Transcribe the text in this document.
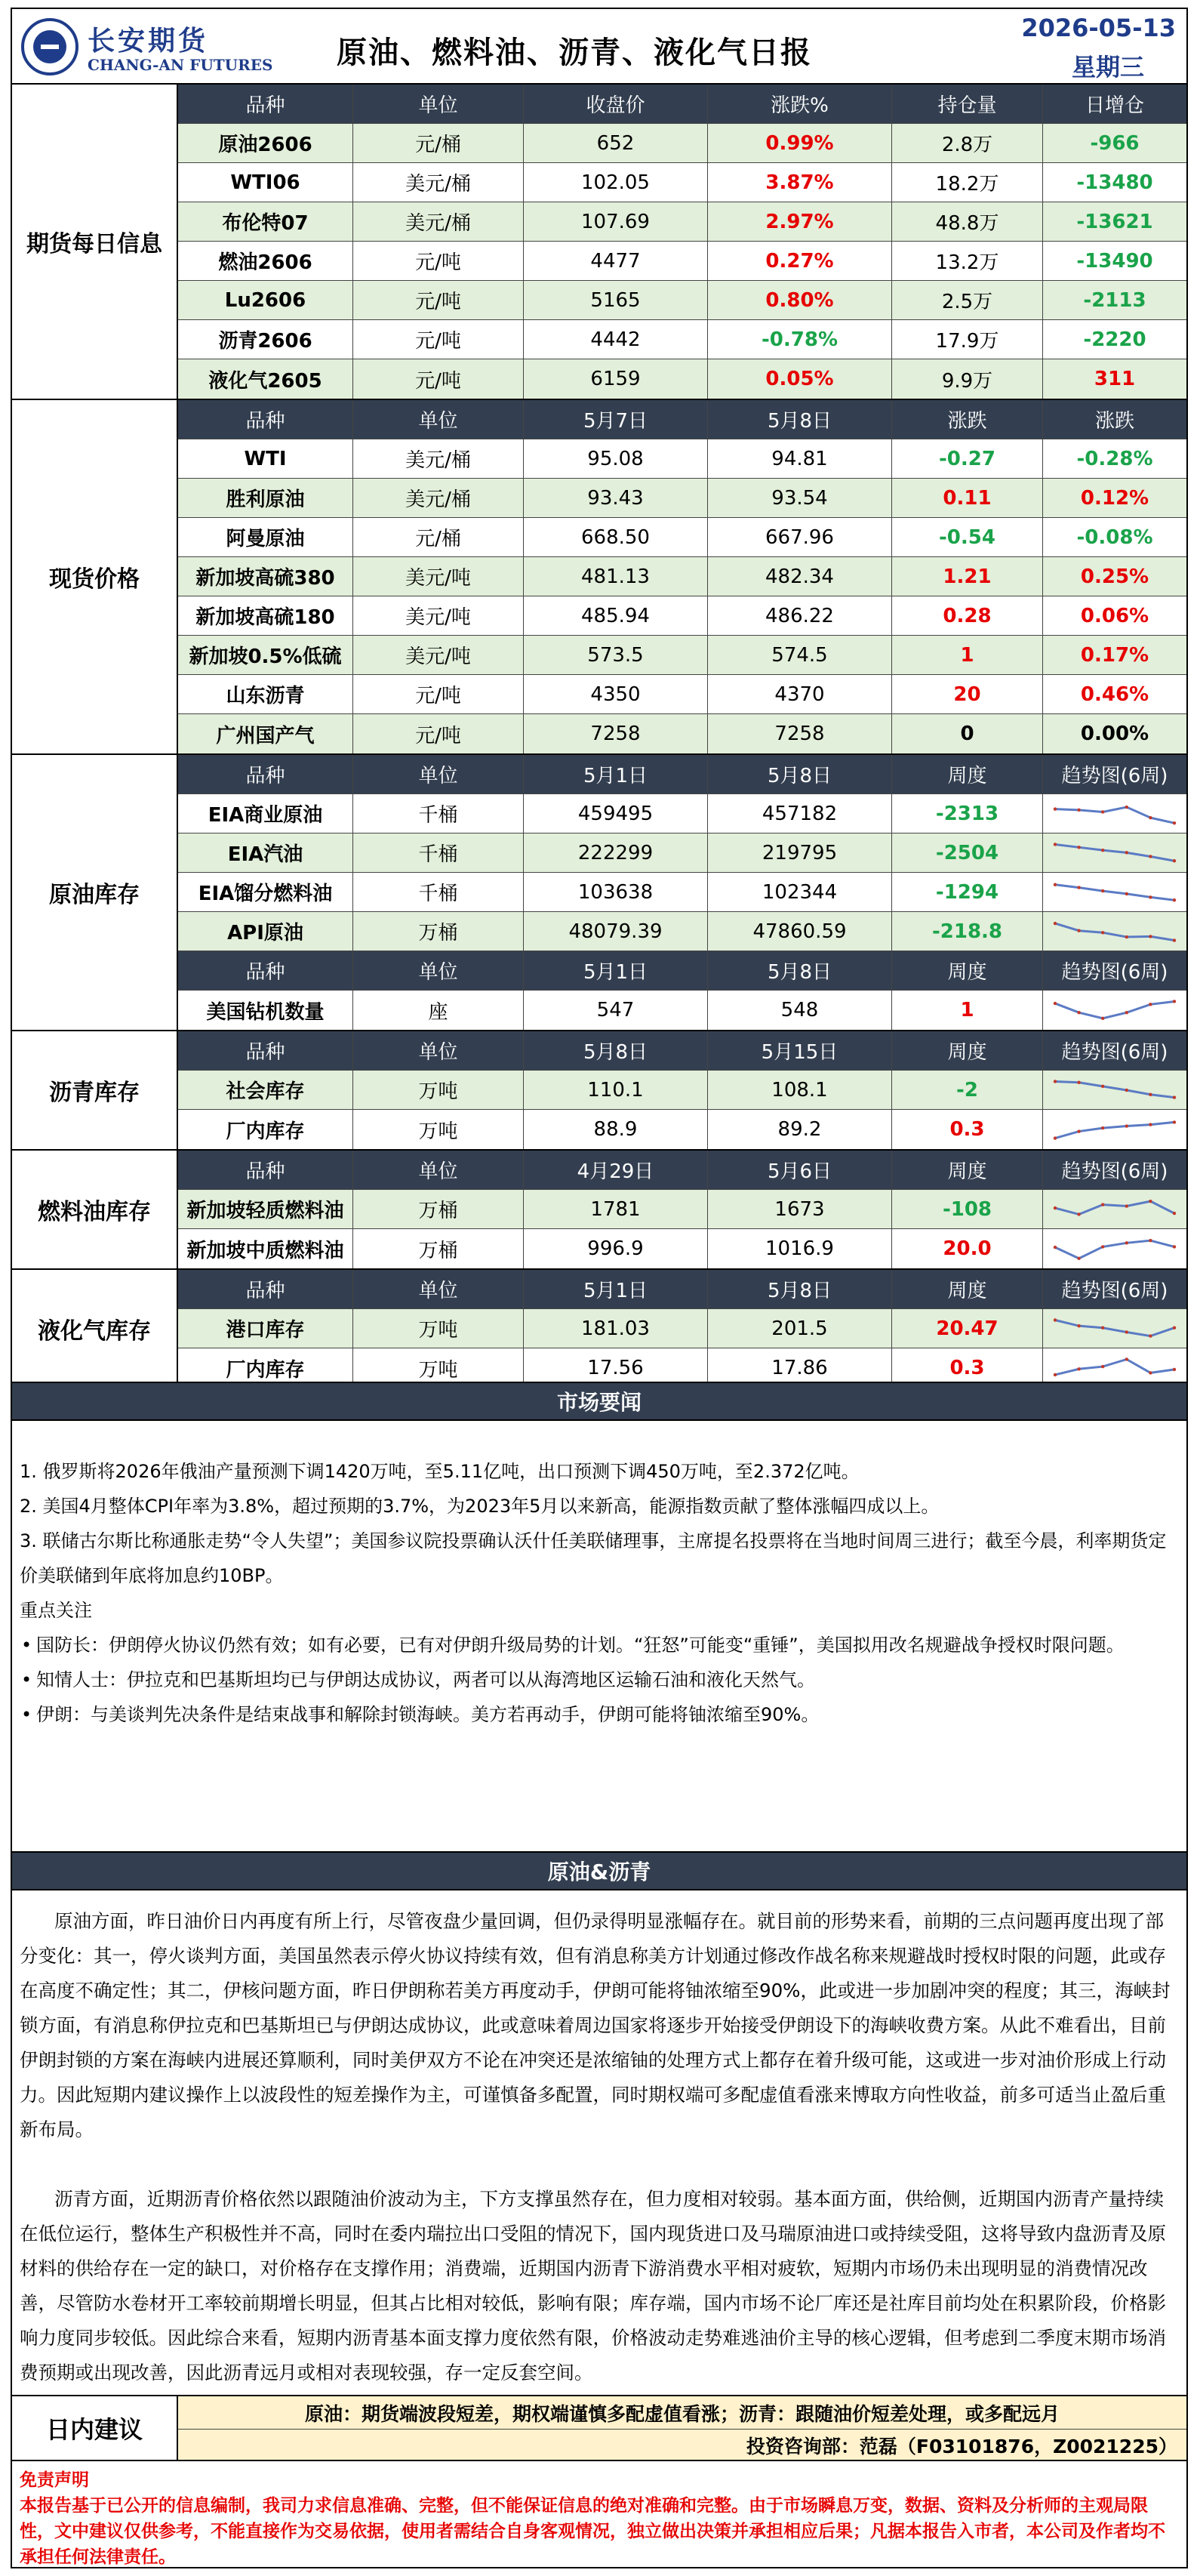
长安期货
CHANG-AN FUTURES 原油、燃料油、沥青、液化气日报
2026-05-13
星期三
期货每日信息
品种	单位	收盘价	涨跌%	持仓量	日增仓
原油2606	元/桶	652	0.99%	2.8万	-966
WTI06	美元/桶	102.05	3.87%	18.2万	-13480
布伦特07	美元/桶	107.69	2.97%	48.8万	-13621
燃油2606	元/吨	4477	0.27%	13.2万	-13490
Lu2606	元/吨	5165	0.80%	2.5万	-2113
沥青2606	元/吨	4442	-0.78%	17.9万	-2220
液化气2605	元/吨	6159	0.05%	9.9万	311
现货价格
品种	单位	5月7日	5月8日	涨跌	涨跌
WTI	美元/桶	95.08	94.81	-0.27	-0.28%
胜利原油	美元/桶	93.43	93.54	0.11	0.12%
阿曼原油	元/桶	668.50	667.96	-0.54	-0.08%
新加坡高硫380	美元/吨	481.13	482.34	1.21	0.25%
新加坡高硫180	美元/吨	485.94	486.22	0.28	0.06%
新加坡0.5%低硫	美元/吨	573.5	574.5	1	0.17%
山东沥青	元/吨	4350	4370	20	0.46%
广州国产气	元/吨	7258	7258	0	0.00%
原油库存
品种	单位	5月1日	5月8日	周度	趋势图(6周)
EIA商业原油	千桶	459495	457182	-2313
EIA汽油	千桶	222299	219795	-2504
EIA馏分燃料油	千桶	103638	102344	-1294
API原油	万桶	48079.39	47860.59	-218.8
品种	单位	5月1日	5月8日	周度	趋势图(6周)
美国钻机数量	座	547	548	1
沥青库存
品种	单位	5月8日	5月15日	周度	趋势图(6周)
社会库存	万吨	110.1	108.1	-2
厂内库存	万吨	88.9	89.2	0.3
燃料油库存
品种	单位	4月29日	5月6日	周度	趋势图(6周)
新加坡轻质燃料油	万桶	1781	1673	-108
新加坡中质燃料油	万桶	996.9	1016.9	20.0
液化气库存
品种	单位	5月1日	5月8日	周度	趋势图(6周)
港口库存	万吨	181.03	201.5	20.47
厂内库存	万吨	17.56	17.86	0.3
市场要闻

1. 俄罗斯将2026年俄油产量预测下调1420万吨，至5.11亿吨，出口预测下调450万吨，至2.372亿吨。

2. 美国4月整体CPI年率为3.8%，超过预期的3.7%，为2023年5月以来新高，能源指数贡献了整体涨幅四成以上。

3. 联储古尔斯比称通胀走势“令人失望”；美国参议院投票确认沃什任美联储理事，主席提名投票将在当地时间周三进行；截至今晨，利率期货定价美联储到年底将加息约10BP。

重点关注

• 国防长：伊朗停火协议仍然有效；如有必要，已有对伊朗升级局势的计划。“狂怒”可能变“重锤”，美国拟用改名规避战争授权时限问题。

• 知情人士：伊拉克和巴基斯坦均已与伊朗达成协议，两者可以从海湾地区运输石油和液化天然气。

• 伊朗：与美谈判先决条件是结束战事和解除封锁海峡。美方若再动手，伊朗可能将铀浓缩至90%。

原油&沥青

原油方面，昨日油价日内再度有所上行，尽管夜盘少量回调，但仍录得明显涨幅存在。就目前的形势来看，前期的三点问题再度出现了部分变化：其一，停火谈判方面，美国虽然表示停火协议持续有效，但有消息称美方计划通过修改作战名称来规避战时授权时限的问题，此或存在高度不确定性；其二，伊核问题方面，昨日伊朗称若美方再度动手，伊朗可能将铀浓缩至90%，此或进一步加剧冲突的程度；其三，海峡封锁方面，有消息称伊拉克和巴基斯坦已与伊朗达成协议，此或意味着周边国家将逐步开始接受伊朗设下的海峡收费方案。从此不难看出，目前伊朗封锁的方案在海峡内进展还算顺利，同时美伊双方不论在冲突还是浓缩铀的处理方式上都存在着升级可能，这或进一步对油价形成上行动力。因此短期内建议操作上以波段性的短差操作为主，可谨慎备多配置，同时期权端可多配虚值看涨来博取方向性收益，前多可适当止盈后重新布局。

沥青方面，近期沥青价格依然以跟随油价波动为主，下方支撑虽然存在，但力度相对较弱。基本面方面，供给侧，近期国内沥青产量持续在低位运行，整体生产积极性并不高，同时在委内瑞拉出口受阻的情况下，国内现货进口及马瑞原油进口或持续受阻，这将导致内盘沥青及原材料的供给存在一定的缺口，对价格存在支撑作用；消费端，近期国内沥青下游消费水平相对疲软，短期内市场仍未出现明显的消费情况改善，尽管防水卷材开工率较前期增长明显，但其占比相对较低，影响有限；库存端，国内市场不论厂库还是社库目前均处在积累阶段，价格影响力度同步较低。因此综合来看，短期内沥青基本面支撑力度依然有限，价格波动走势难逃油价主导的核心逻辑，但考虑到二季度末期市场消费预期或出现改善，因此沥青远月或相对表现较强，存一定反套空间。

日内建议
原油：期货端波段短差，期权端谨慎多配虚值看涨；沥青：跟随油价短差处理，或多配远月
投资咨询部：范磊（F03101876，Z0021225）
免责声明
本报告基于已公开的信息编制，我司力求信息准确、完整，但不能保证信息的绝对准确和完整。由于市场瞬息万变，数据、资料及分析师的主观局限性，文中建议仅供参考，不能直接作为交易依据，使用者需结合自身客观情况，独立做出决策并承担相应后果；凡据本报告入市者，本公司及作者均不承担任何法律责任。
